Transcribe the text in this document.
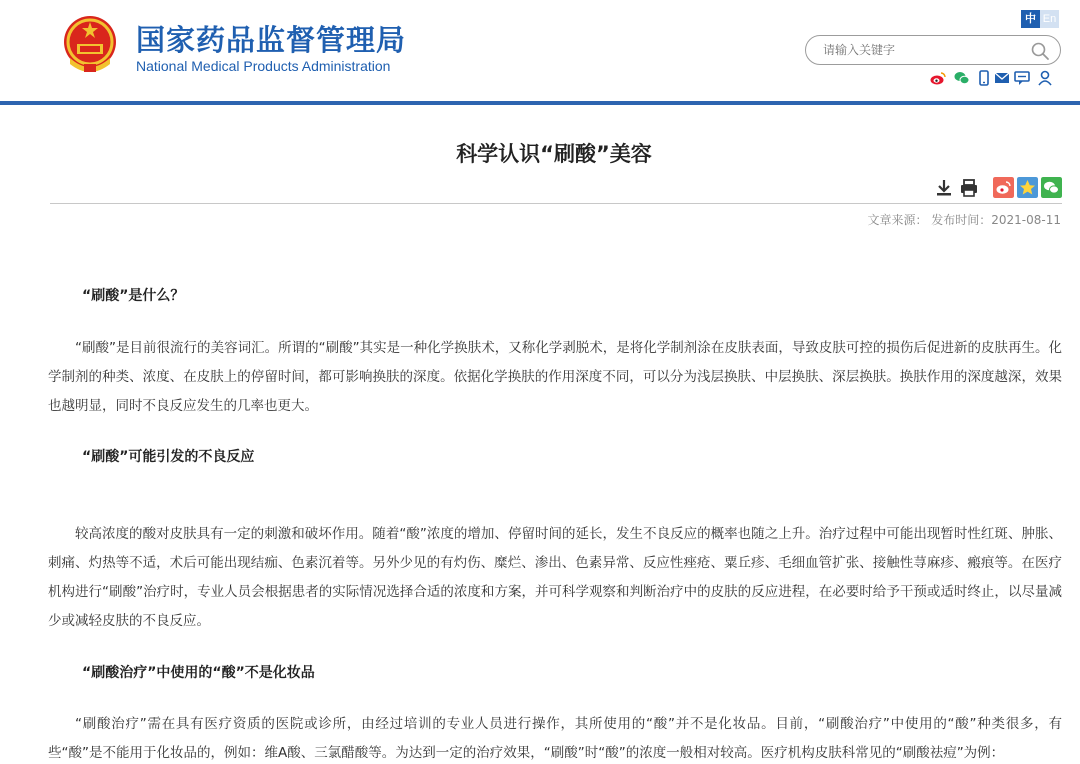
国家药品监督管理局
National Medical Products Administration
中 En
请输入关键字
科学认识“刷酸”美容
文章来源： 发布时间：2021-08-11
“刷酸”是什么？

“刷酸”是目前很流行的美容词汇。所谓的“刷酸”其实是一种化学换肤术，又称化学剥脱术，是将化学制剂涂在皮肤表面，导致皮肤可控的损伤后促进新的皮肤再生。化学制剂的种类、浓度、在皮肤上的停留时间，都可影响换肤的深度。依据化学换肤的作用深度不同，可以分为浅层换肤、中层换肤、深层换肤。换肤作用的深度越深，效果也越明显，同时不良反应发生的几率也更大。

“刷酸”可能引发的不良反应

较高浓度的酸对皮肤具有一定的刺激和破坏作用。随着“酸”浓度的增加、停留时间的延长，发生不良反应的概率也随之上升。治疗过程中可能出现暂时性红斑、肿胀、刺痛、灼热等不适，术后可能出现结痂、色素沉着等。另外少见的有灼伤、糜烂、渗出、色素异常、反应性痤疮、粟丘疹、毛细血管扩张、接触性荨麻疹、瘢痕等。在医疗机构进行“刷酸”治疗时，专业人员会根据患者的实际情况选择合适的浓度和方案，并可科学观察和判断治疗中的皮肤的反应进程，在必要时给予干预或适时终止，以尽量减少或减轻皮肤的不良反应。

“刷酸治疗”中使用的“酸”不是化妆品

“刷酸治疗”需在具有医疗资质的医院或诊所，由经过培训的专业人员进行操作，其所使用的“酸”并不是化妆品。目前，“刷酸治疗”中使用的“酸”种类很多，有些“酸”是不能用于化妆品的，例如：维A酸、三氯醋酸等。为达到一定的治疗效果，“刷酸”时“酸”的浓度一般相对较高。医疗机构皮肤科常见的“刷酸祛痘”为例：
